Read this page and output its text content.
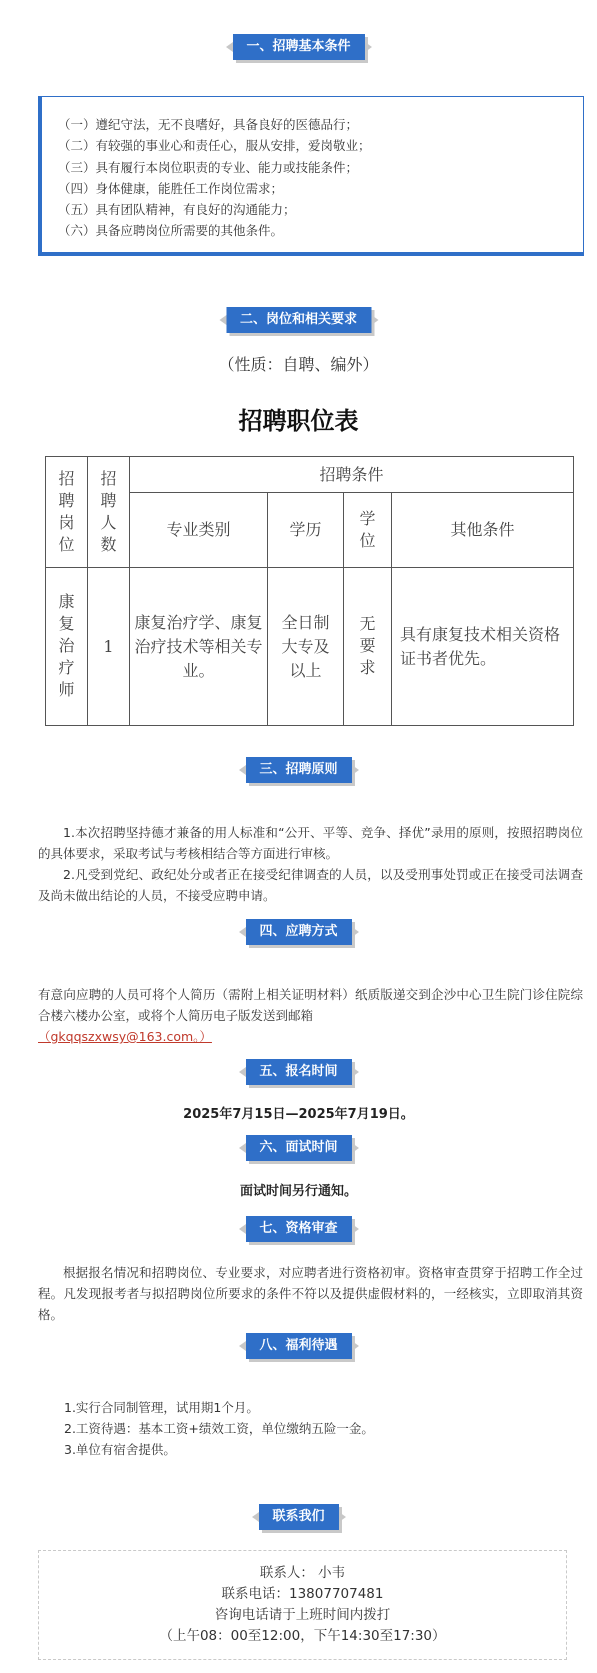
一、招聘基本条件
（一）遵纪守法，无不良嗜好，具备良好的医德品行；
（二）有较强的事业心和责任心，服从安排，爱岗敬业；
（三）具有履行本岗位职责的专业、能力或技能条件；
（四）身体健康，能胜任工作岗位需求；
（五）具有团队精神，有良好的沟通能力；
（六）具备应聘岗位所需要的其他条件。
二、岗位和相关要求
（性质：自聘、编外）
招聘职位表
招聘岗位	招聘人数	招聘条件			
		专业类别	学历	学位	其他条件
康复治疗师	1	康复治疗学、康复治疗技术等相关专业。	全日制大专及以上	无要求	具有康复技术相关资格证书者优先。
三、招聘原则
1.本次招聘坚持德才兼备的用人标准和“公开、平等、竞争、择优”录用的原则，按照招聘岗位的具体要求，采取考试与考核相结合等方面进行审核。
2.凡受到党纪、政纪处分或者正在接受纪律调查的人员，以及受刑事处罚或正在接受司法调查及尚未做出结论的人员，不接受应聘申请。
四、应聘方式
有意向应聘的人员可将个人简历（需附上相关证明材料）纸质版递交到企沙中心卫生院门诊住院综合楼六楼办公室，或将个人简历电子版发送到邮箱
（gkqqszxwsy@163.com。）
五、报名时间
2025年7月15日—2025年7月19日。
六、面试时间
面试时间另行通知。
七、资格审查
根据报名情况和招聘岗位、专业要求，对应聘者进行资格初审。资格审查贯穿于招聘工作全过程。凡发现报考者与拟招聘岗位所要求的条件不符以及提供虚假材料的，一经核实，立即取消其资格。
八、福利待遇
1.实行合同制管理，试用期1个月。
2.工资待遇：基本工资+绩效工资，单位缴纳五险一金。
3.单位有宿舍提供。
联系我们
联系人： 小韦
联系电话：13807707481
咨询电话请于上班时间内拨打
（上午08：00至12:00，下午14:30至17:30）
